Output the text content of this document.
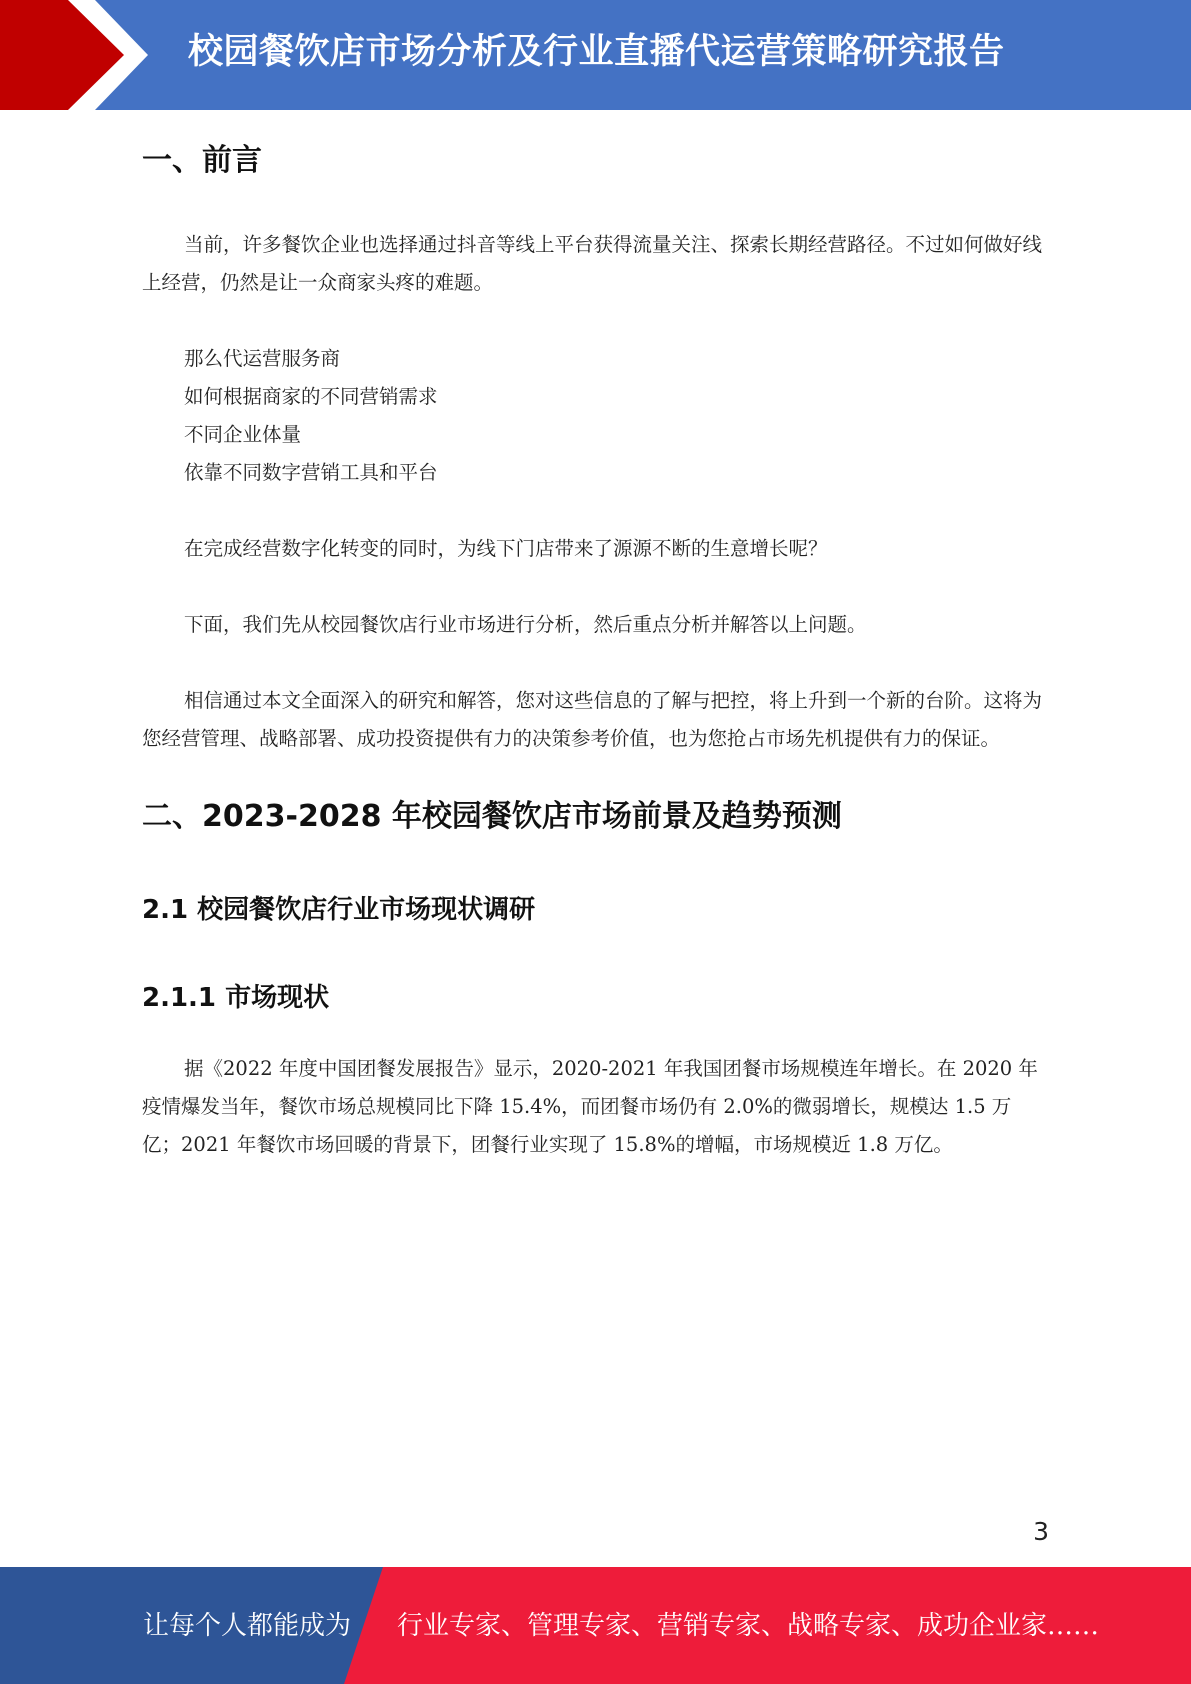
校园餐饮店市场分析及行业直播代运营策略研究报告
一、前言

当前，许多餐饮企业也选择通过抖音等线上平台获得流量关注、探索长期经营路径。不过如何做好线上经营，仍然是让一众商家头疼的难题。

那么代运营服务商

如何根据商家的不同营销需求

不同企业体量

依靠不同数字营销工具和平台

在完成经营数字化转变的同时，为线下门店带来了源源不断的生意增长呢？

下面，我们先从校园餐饮店行业市场进行分析，然后重点分析并解答以上问题。

相信通过本文全面深入的研究和解答，您对这些信息的了解与把控，将上升到一个新的台阶。这将为您经营管理、战略部署、成功投资提供有力的决策参考价值，也为您抢占市场先机提供有力的保证。

二、2023-2028 年校园餐饮店市场前景及趋势预测
2.1 校园餐饮店行业市场现状调研
2.1.1 市场现状

据《2022 年度中国团餐发展报告》显示，2020-2021 年我国团餐市场规模连年增长。在 2020 年疫情爆发当年，餐饮市场总规模同比下降 15.4%，而团餐市场仍有 2.0%的微弱增长，规模达 1.5 万亿；2021 年餐饮市场回暖的背景下，团餐行业实现了 15.8%的增幅，市场规模近 1.8 万亿。

3
让每个人都能成为 行业专家、管理专家、营销专家、战略专家、成功企业家……
